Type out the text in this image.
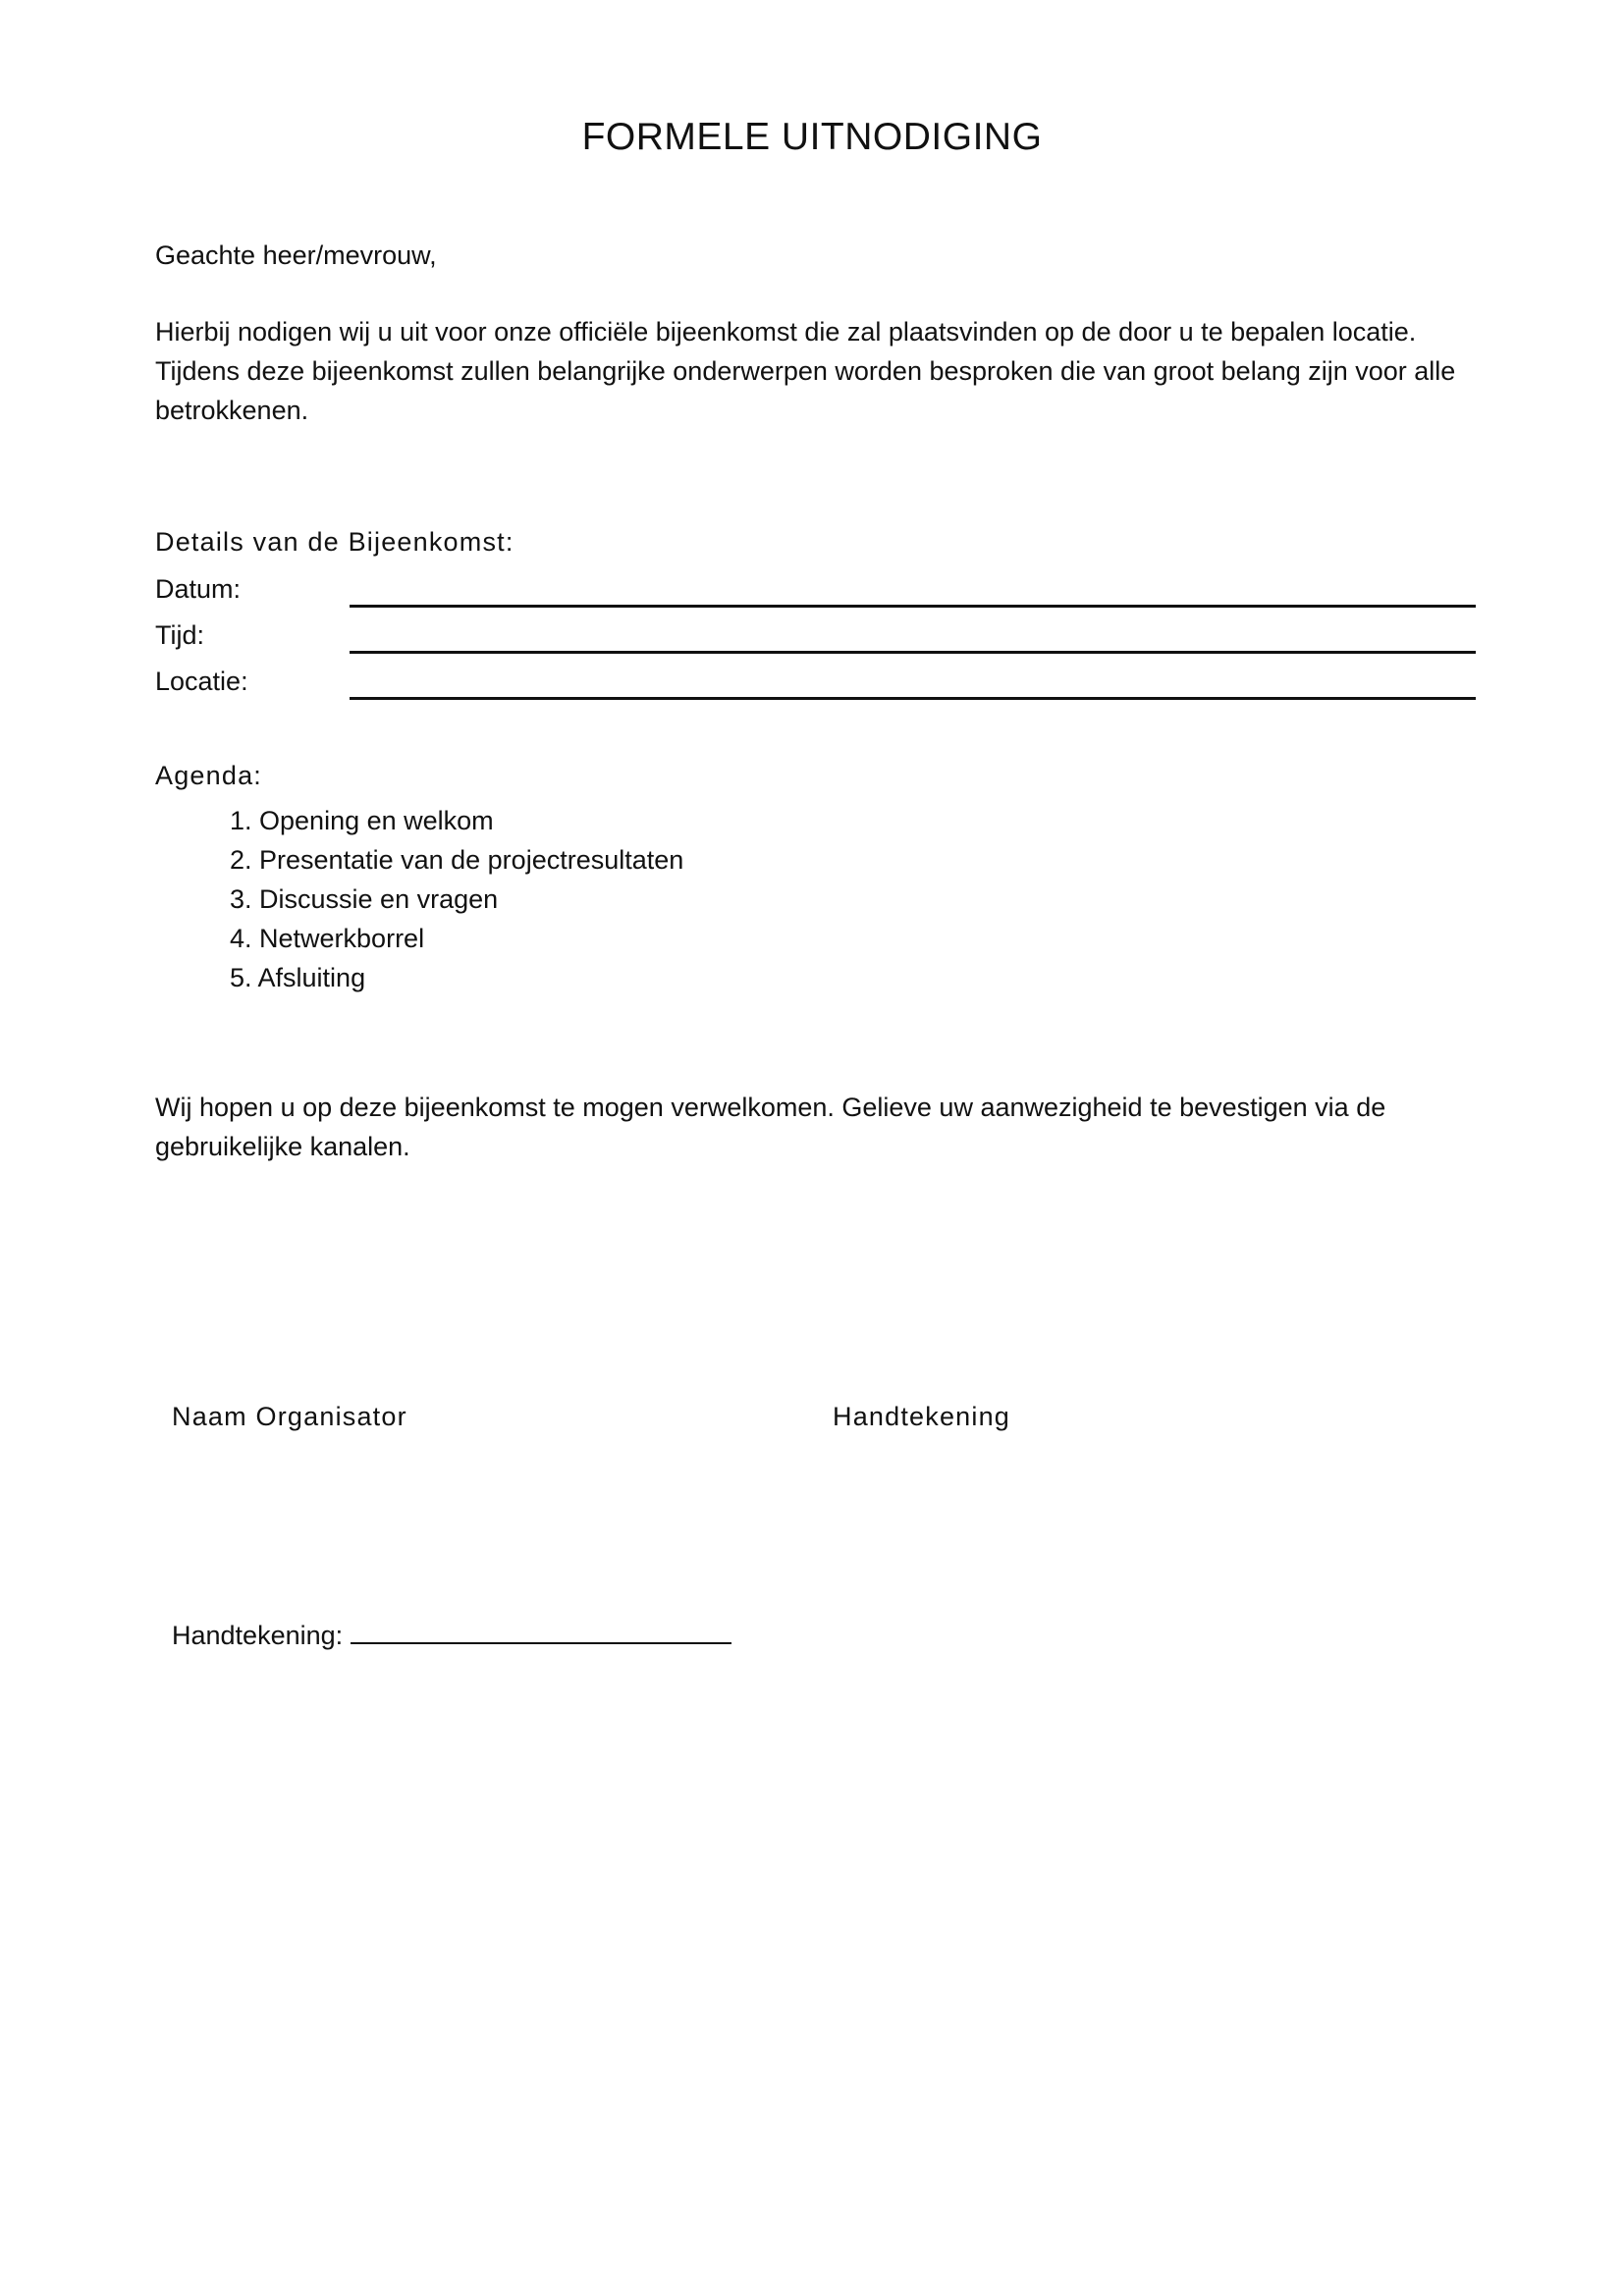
FORMELE UITNODIGING
Geachte heer/mevrouw,
Hierbij nodigen wij u uit voor onze officiële bijeenkomst die zal plaatsvinden op de door u te bepalen locatie. Tijdens deze bijeenkomst zullen belangrijke onderwerpen worden besproken die van groot belang zijn voor alle betrokkenen.
Details van de Bijeenkomst:
Datum:
Tijd:
Locatie:
Agenda:
1. Opening en welkom
2. Presentatie van de projectresultaten
3. Discussie en vragen
4. Netwerkborrel
5. Afsluiting
Wij hopen u op deze bijeenkomst te mogen verwelkomen. Gelieve uw aanwezigheid te bevestigen via de gebruikelijke kanalen.
Naam Organisator	Handtekening
Handtekening:
